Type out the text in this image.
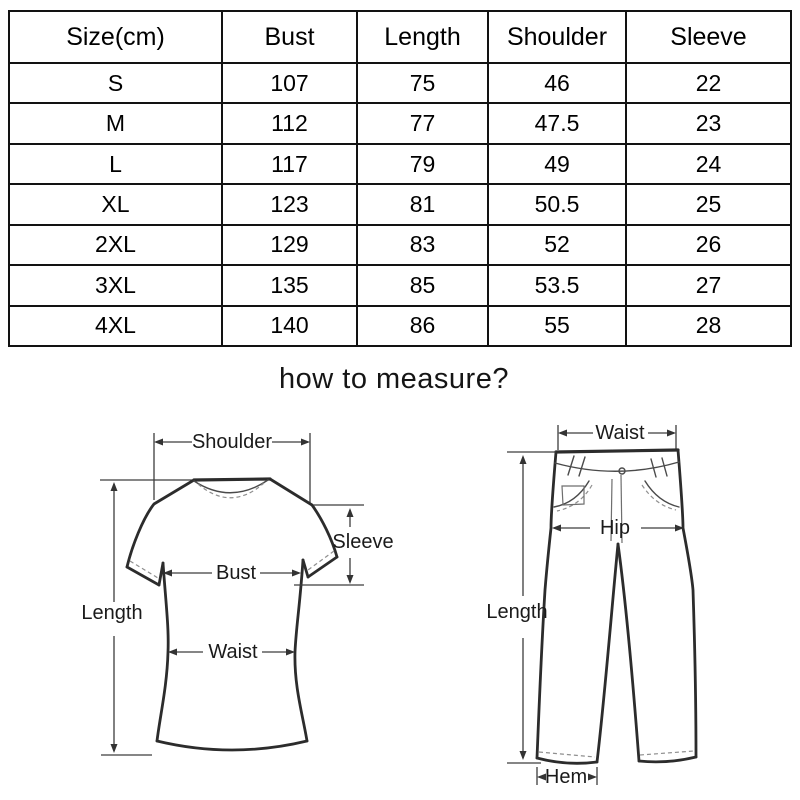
Size(cm)	Bust	Length	Shoulder	Sleeve
S	107	75	46	22
M	112	77	47.5	23
L	117	79	49	24
XL	123	81	50.5	25
2XL	129	83	52	26
3XL	135	85	53.5	27
4XL	140	86	55	28
how to measure?
Shoulder
Length
Bust
Waist
Sleeve
Waist
Hip
Length
Hem
